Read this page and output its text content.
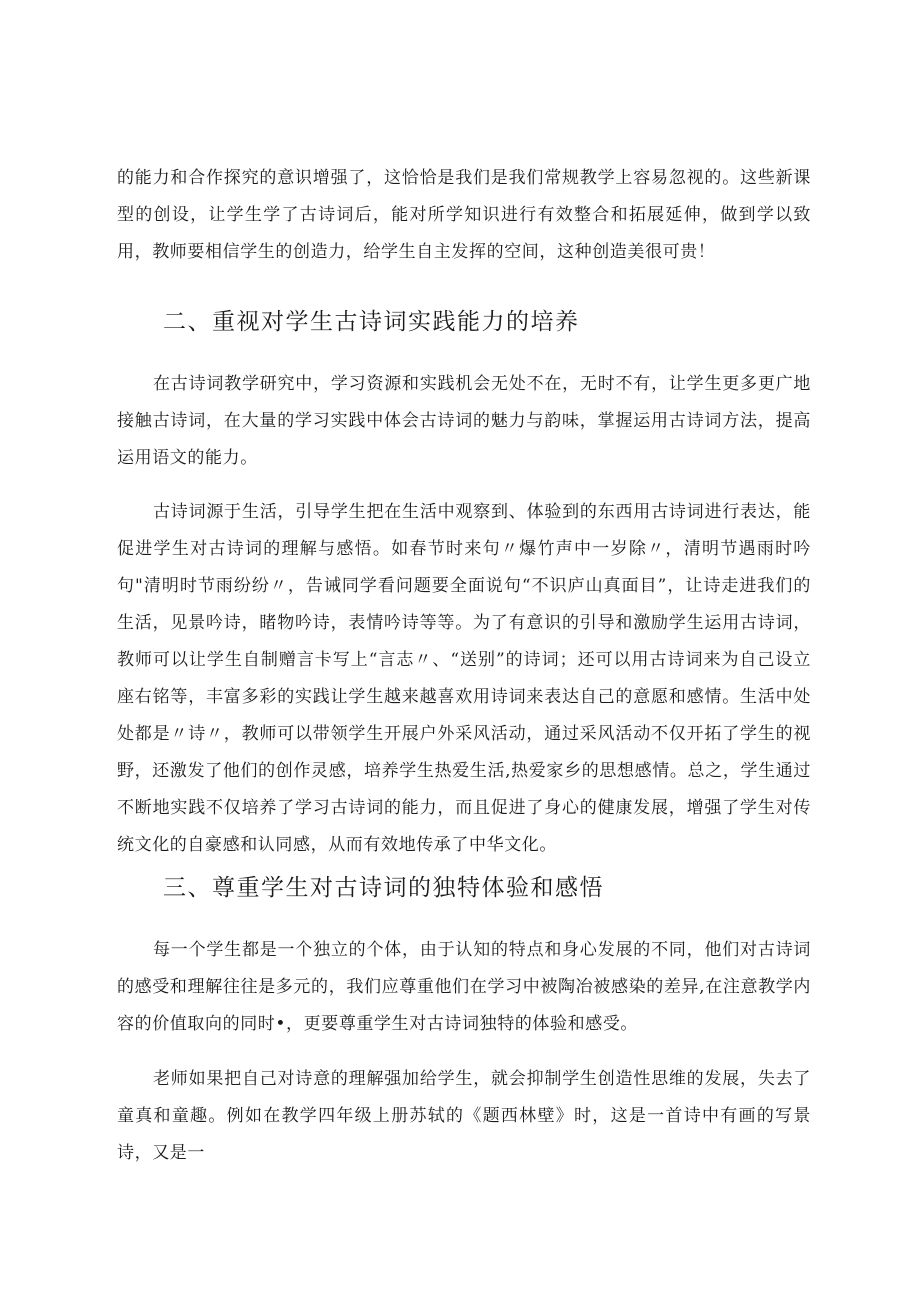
的能力和合作探究的意识增强了，这恰恰是我们是我们常规教学上容易忽视的。这些新课型的创设，让学生学了古诗词后，能对所学知识进行有效整合和拓展延伸，做到学以致用，教师要相信学生的创造力，给学生自主发挥的空间，这种创造美很可贵！

二、重视对学生古诗词实践能力的培养

在古诗词教学研究中，学习资源和实践机会无处不在，无时不有，让学生更多更广地接触古诗词，在大量的学习实践中体会古诗词的魅力与韵味，掌握运用古诗词方法，提高运用语文的能力。

古诗词源于生活，引导学生把在生活中观察到、体验到的东西用古诗词进行表达，能促进学生对古诗词的理解与感悟。如春节时来句〃爆竹声中一岁除〃，清明节遇雨时吟句"清明时节雨纷纷〃，告诫同学看问题要全面说句“不识庐山真面目”，让诗走进我们的生活，见景吟诗，睹物吟诗，表情吟诗等等。为了有意识的引导和激励学生运用古诗词，教师可以让学生自制赠言卡写上“言志〃、“送别”的诗词；还可以用古诗词来为自己设立座右铭等，丰富多彩的实践让学生越来越喜欢用诗词来表达自己的意愿和感情。生活中处处都是〃诗〃，教师可以带领学生开展户外采风活动，通过采风活动不仅开拓了学生的视野，还激发了他们的创作灵感，培养学生热爱生活,热爱家乡的思想感情。总之，学生通过不断地实践不仅培养了学习古诗词的能力，而且促进了身心的健康发展，增强了学生对传统文化的自豪感和认同感，从而有效地传承了中华文化。

三、尊重学生对古诗词的独特体验和感悟

每一个学生都是一个独立的个体，由于认知的特点和身心发展的不同，他们对古诗词的感受和理解往往是多元的，我们应尊重他们在学习中被陶冶被感染的差异,在注意教学内容的价值取向的同时•，更要尊重学生对古诗词独特的体验和感受。

老师如果把自己对诗意的理解强加给学生，就会抑制学生创造性思维的发展，失去了童真和童趣。例如在教学四年级上册苏轼的《题西林壁》时，这是一首诗中有画的写景诗，又是一
